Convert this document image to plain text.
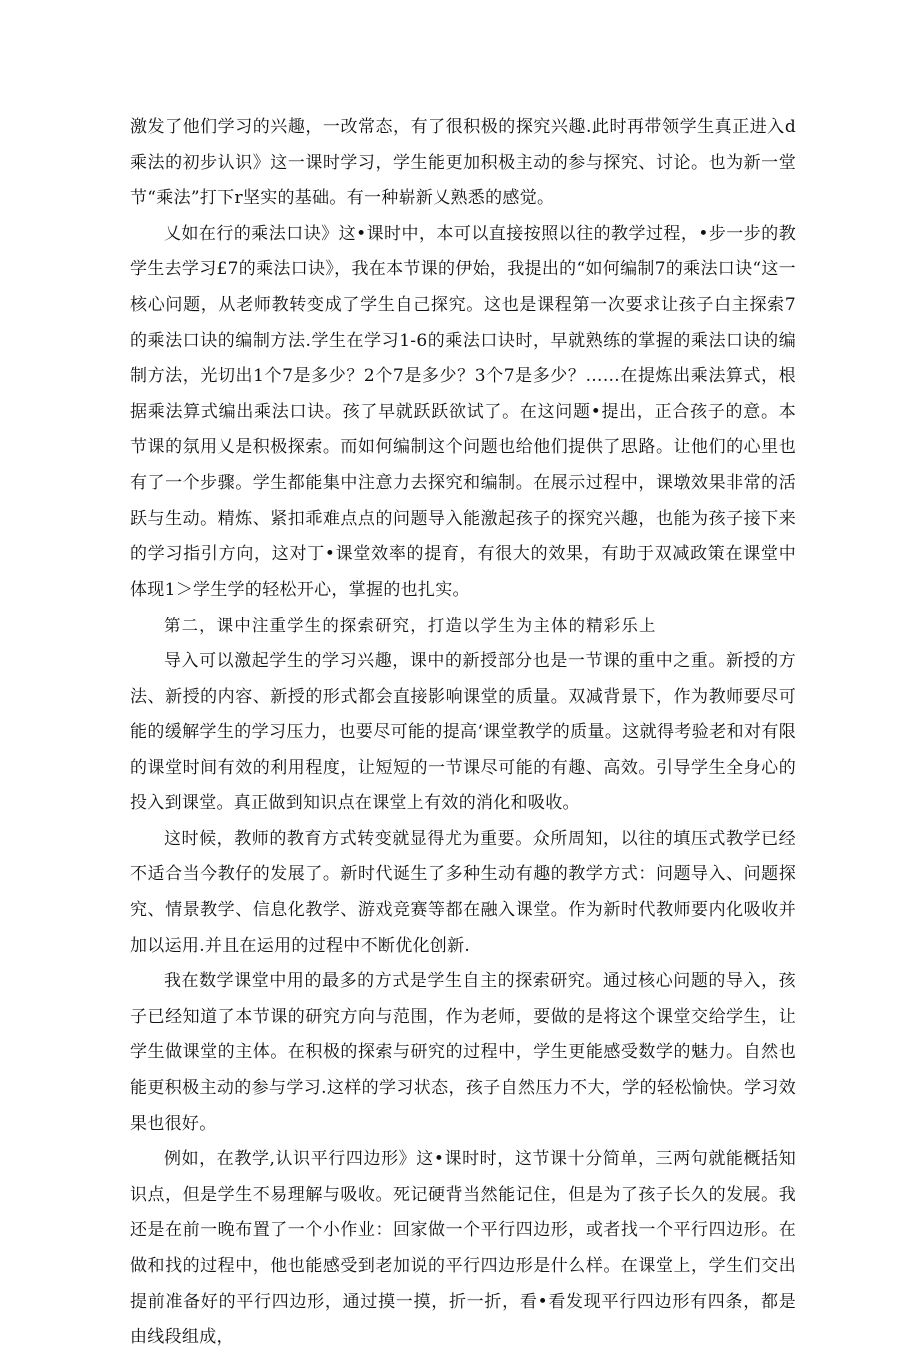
激发了他们学习的兴趣，一改常态，有了很积极的探究兴趣.此时再带领学生真正进入d乘法的初步认识》这一课时学习，学生能更加积极主动的参与探究、讨论。也为新一堂节“乘法”打下r坚实的基础。有一种崭新乂熟悉的感觉。

乂如在行的乘法口诀》这•课时中，本可以直接按照以往的教学过程，•步一步的教学生去学习£7的乘法口诀》，我在本节课的伊始，我提出的“如何编制7的乘法口诀“这一核心问题，从老师教转变成了学生自己探究。这也是课程第一次要求让孩子白主探索7的乘法口诀的编制方法.学生在学习1-6的乘法口诀时，早就熟练的掌握的乘法口诀的编制方法，光切出1个7是多少？2个7是多少？3个7是多少？……在提炼出乘法算式，根据乘法算式编出乘法口诀。孩了早就跃跃欲试了。在这问题•提出，正合孩子的意。本节课的氛用乂是积极探索。而如何编制这个问题也给他们提供了思路。让他们的心里也有了一个步骤。学生都能集中注意力去探究和编制。在展示过程中，课墩效果非常的活跃与生动。精炼、紧扣乖难点点的问题导入能激起孩子的探究兴趣，也能为孩子接下来的学习指引方向，这对丁•课堂效率的提育，有很大的效果，有助于双减政策在课堂中体现1＞学生学的轻松开心，掌握的也扎实。

第二，课中注重学生的探索研究，打造以学生为主体的精彩乐上

导入可以激起学生的学习兴趣，课中的新授部分也是一节课的重中之重。新授的方法、新授的内容、新授的形式都会直接影响课堂的质量。双减背景下，作为教师要尽可能的缓解学生的学习压力，也要尽可能的提高‘课堂教学的质量。这就得考验老和对有限的课堂时间有效的利用程度，让短短的一节课尽可能的有趣、高效。引导学生全身心的投入到课堂。真正做到知识点在课堂上有效的消化和吸收。

这时候，教师的教育方式转变就显得尤为重要。众所周知，以往的填压式教学已经不适合当今教仔的发展了。新时代诞生了多种生动有趣的教学方式：问题导入、问题探究、情景教学、信息化教学、游戏竞赛等都在融入课堂。作为新时代教师要内化吸收并加以运用.并且在运用的过程中不断优化创新.

我在数学课堂中用的最多的方式是学生自主的探索研究。通过核心问题的导入，孩子已经知道了本节课的研究方向与范围，作为老师，要做的是将这个课堂交给学生，让学生做课堂的主体。在积极的探索与研究的过程中，学生更能感受数学的魅力。自然也能更积极主动的参与学习.这样的学习状态，孩子自然压力不大，学的轻松愉快。学习效果也很好。

例如，在教学,认识平行四边形》这•课时时，这节课十分简单，三两句就能概括知识点，但是学生不易理解与吸收。死记硬背当然能记住，但是为了孩子长久的发展。我还是在前一晚布置了一个小作业：回家做一个平行四边形，或者找一个平行四边形。在做和找的过程中，他也能感受到老加说的平行四边形是什么样。在课堂上，学生们交出提前准备好的平行四边形，通过摸一摸，折一折，看•看发现平行四边形有四条，都是由线段组成，
